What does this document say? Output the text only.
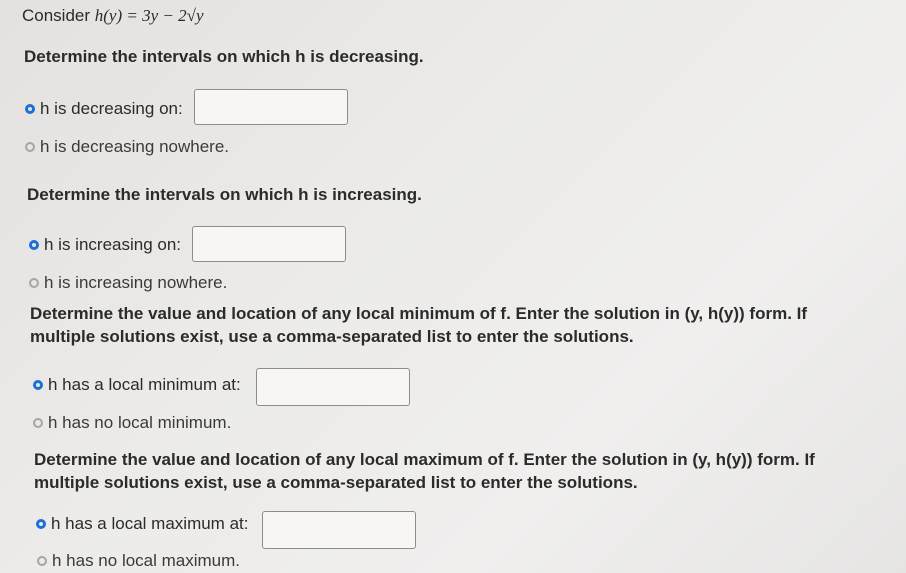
Consider h(y) = 3y − 2√y
Determine the intervals on which h is decreasing.
h is decreasing on:
h is decreasing nowhere.
Determine the intervals on which h is increasing.
h is increasing on:
h is increasing nowhere.
Determine the value and location of any local minimum of f. Enter the solution in (y, h(y)) form. If
multiple solutions exist, use a comma-separated list to enter the solutions.
h has a local minimum at:
h has no local minimum.
Determine the value and location of any local maximum of f. Enter the solution in (y, h(y)) form. If
multiple solutions exist, use a comma-separated list to enter the solutions.
h has a local maximum at:
h has no local maximum.
